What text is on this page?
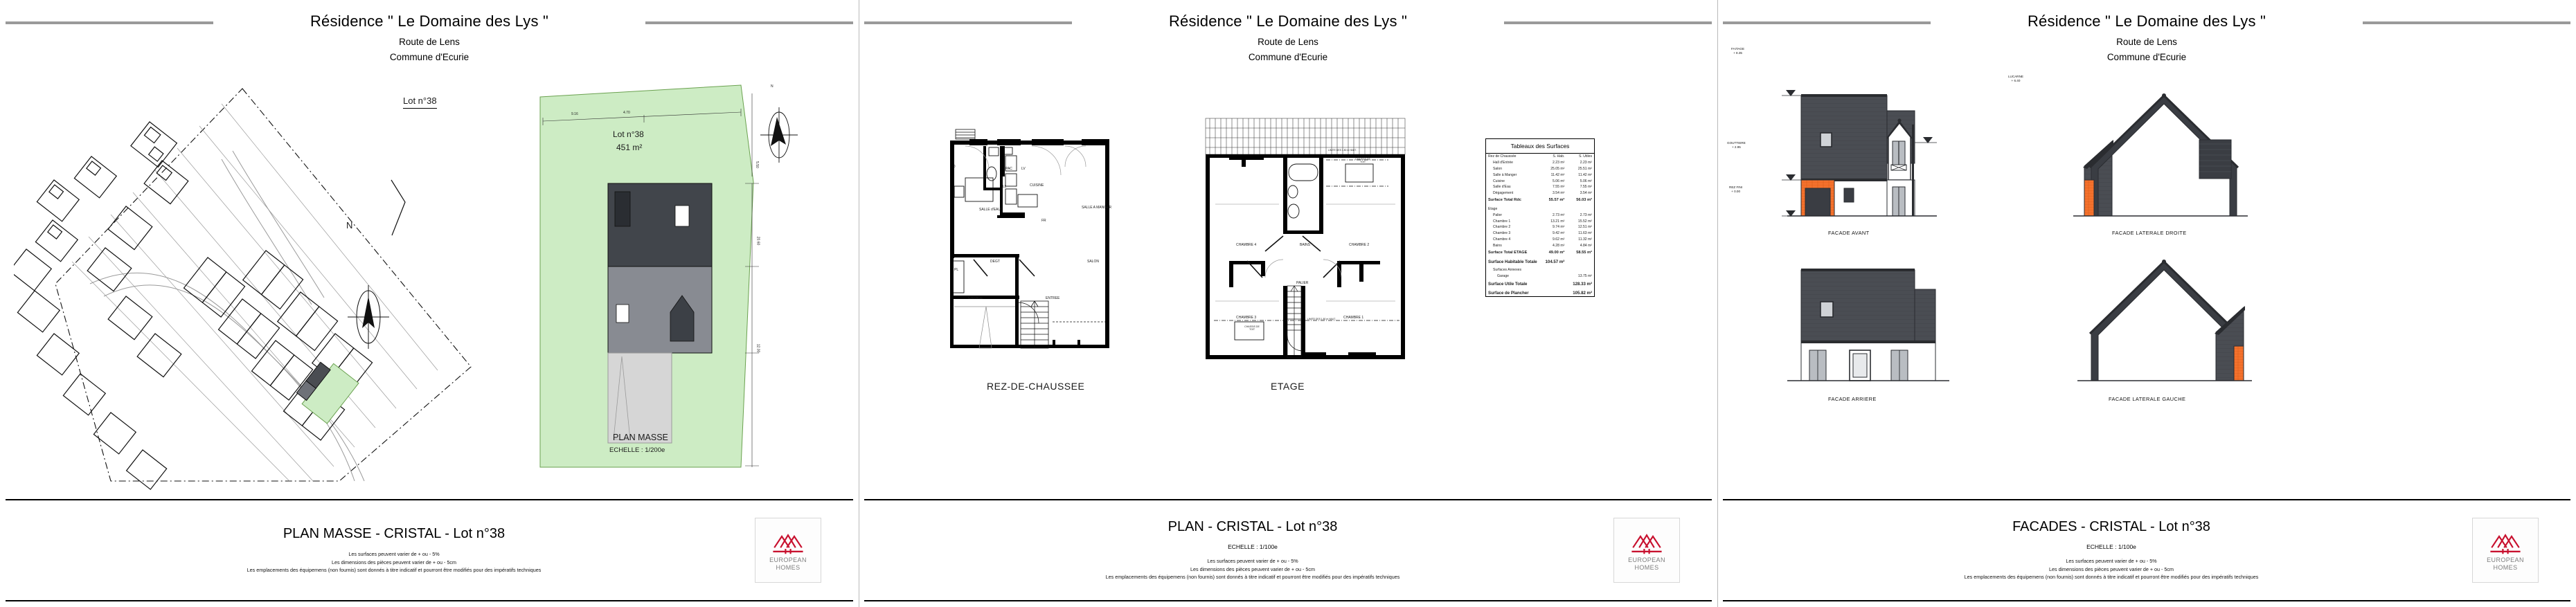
Résidence " Le Domaine des Lys "
Route de Lens
Commune d'Ecurie
Lot n°38
N
Lot n°38
451 m²
N
9.16	4.70
5.50
20.60
12.00
PLAN MASSE
ECHELLE : 1/200e
PLAN MASSE - CRISTAL - Lot n°38
Les surfaces peuvent varier de + ou - 5%
Les dimensions des pièces peuvent varier de + ou - 5cm
Les emplacements des équipemens (non fournis) sont donnés à titre indicatif et pourront être modifiés pour des impératifs techniques
EUROPEAN
HOMES
Résidence " Le Domaine des Lys "
Route de Lens
Commune d'Ecurie
SALLE d'EAU
CUISINE
SALLE A MANGER
DEGT
PL
GARAGE
SALON
ENTREE
PAC
LL
LV
FR
D
REZ-DE-CHAUSSEE
CHAMBRE 4	BAINS	CHAMBRE 2
PALIER
CHAMBRE 3	CHAMBRE 1
CHASSIS DE TOIT
CHASSIS DE TOIT
LIMITE DES 1.80 m HAUT.
LIMITE DES 1.80 m HAUT.
ETAGE
Tableaux des Surfaces
Rez de Chaussée	S. Hab.	S. Utiles
Hall d'Entrée	2.23 m²	2.23 m²
Salon	25.05 m²	25.51 m²
Salle à Manger	11.42 m²	11.42 m²
Cuisine	5.06 m²	5.06 m²
Salle d'Eau	7.55 m²	7.55 m²
Dégagement	3.54 m²	3.54 m²
Surface Total Rdc	55.57 m²	56.03 m²
Etage		
Palier	2.73 m²	2.73 m²
Chambre 1	13.21 m²	15.52 m²
Chambre 2	9.74 m²	12.51 m²
Chambre 3	9.42 m²	11.63 m²
Chambre 4	9.62 m²	11.32 m²
Bains	4.28 m²	4.84 m²
Surface Total ETAGE	49.00 m²	58.55 m²
Surface Habitable Totale	104.57 m²	
Surfaces Annexes		
Garage		13.75 m²
Surface Utile Totale		128.33 m²
Surface de Plancher		105.82 m²
PLAN - CRISTAL - Lot n°38
ECHELLE : 1/100e
Les surfaces peuvent varier de + ou - 5%
Les dimensions des pièces peuvent varier de + ou - 5cm
Les emplacements des équipemens (non fournis) sont donnés à titre indicatif et pourront être modifiés pour des impératifs techniques
EUROPEAN
HOMES
Résidence " Le Domaine des Lys "
Route de Lens
Commune d'Ecurie
FAITAGE
+ 8.35
GOUTTIERE
+ 2.95
REZ FINI
+ 0.00
LUCARNE
+ 6.40
FACADE AVANT	FACADE LATERALE DROITE
FACADE ARRIERE	FACADE LATERALE GAUCHE
FACADES - CRISTAL - Lot n°38
ECHELLE : 1/100e
Les surfaces peuvent varier de + ou - 5%
Les dimensions des pièces peuvent varier de + ou - 5cm
Les emplacements des équipemens (non fournis) sont donnés à titre indicatif et pourront être modifiés pour des impératifs techniques
EUROPEAN
HOMES
